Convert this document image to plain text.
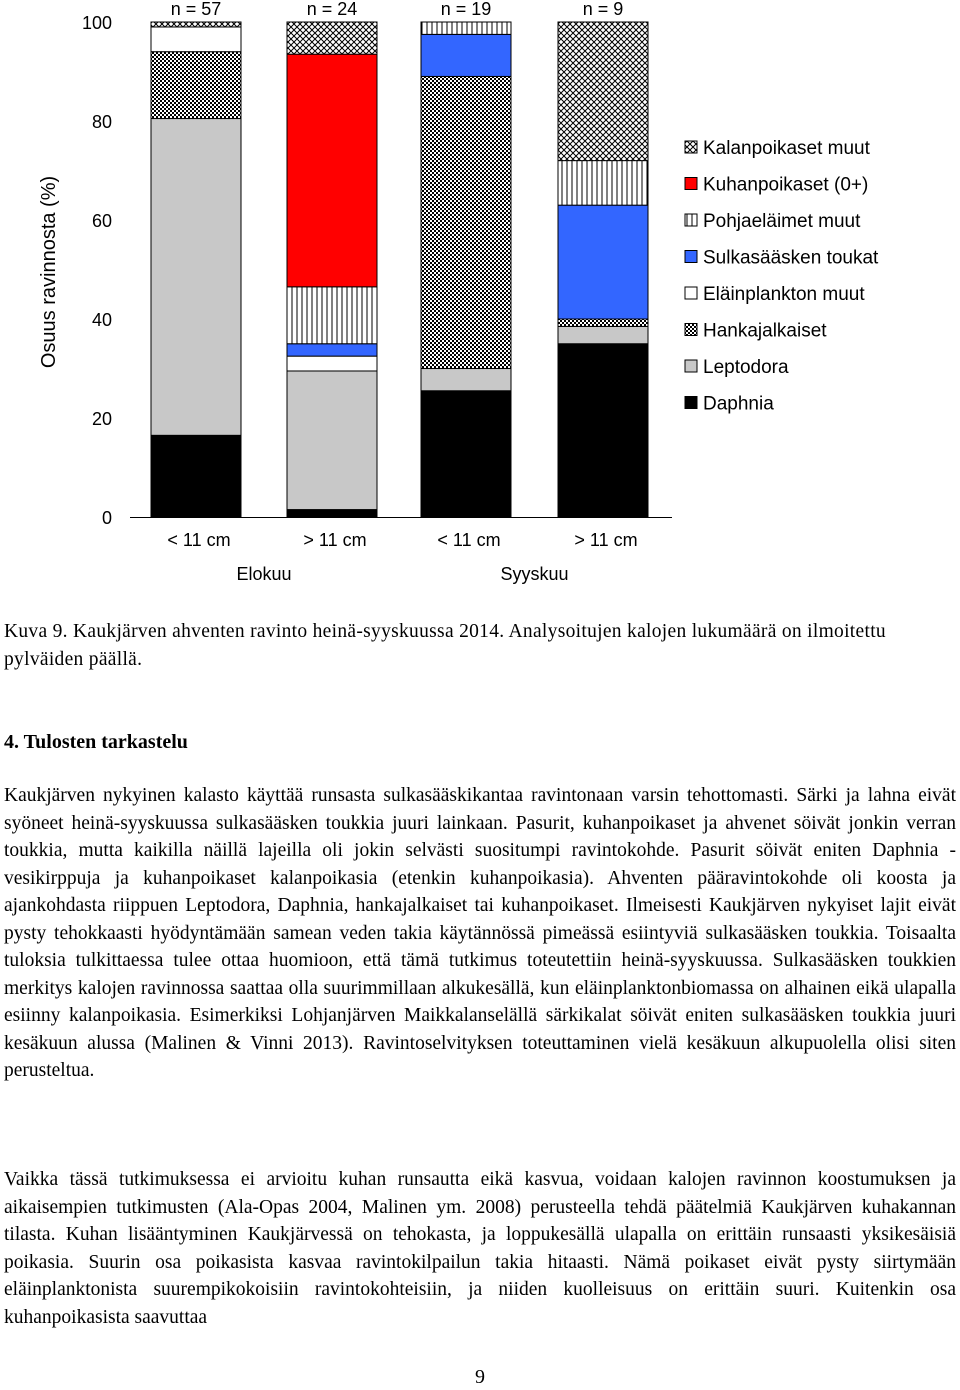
Osuus ravinnosta (%)
0
20
40
60
80
100
n = 57	n = 24	n = 19	n = 9
< 11 cm	> 11 cm	< 11 cm	> 11 cm
Elokuu	Syyskuu
Kalanpoikaset muut
Kuhanpoikaset (0+)
Pohjaeläimet muut
Sulkasääsken toukat
Eläinplankton muut
Hankajalkaiset
Leptodora
Daphnia
Kuva 9. Kaukjärven ahventen ravinto heinä-syyskuussa 2014. Analysoitujen kalojen lukumäärä on ilmoitettu pylväiden päällä.
4. Tulosten tarkastelu

Kaukjärven nykyinen kalasto käyttää runsasta sulkasääskikantaa ravintonaan varsin tehottomasti. Särki ja lahna eivät syöneet heinä-syyskuussa sulkasääsken toukkia juuri lainkaan. Pasurit, kuhanpoikaset ja ahvenet söivät jonkin verran toukkia, mutta kaikilla näillä lajeilla oli jokin selvästi suositumpi ravintokohde. Pasurit söivät eniten Daphnia -vesikirppuja ja kuhanpoikaset kalanpoikasia (etenkin kuhanpoikasia). Ahventen pääravintokohde oli koosta ja ajankohdasta riippuen Leptodora, Daphnia, hankajalkaiset tai kuhanpoikaset. Ilmeisesti Kaukjärven nykyiset lajit eivät pysty tehokkaasti hyödyntämään samean veden takia käytännössä pimeässä esiintyviä sulkasääsken toukkia. Toisaalta tuloksia tulkittaessa tulee ottaa huomioon, että tämä tutkimus toteutettiin heinä-syyskuussa. Sulkasääsken toukkien merkitys kalojen ravinnossa saattaa olla suurimmillaan alkukesällä, kun eläinplanktonbiomassa on alhainen eikä ulapalla esiinny kalanpoikasia. Esimerkiksi Lohjanjärven Maikkalanselällä särkikalat söivät eniten sulkasääsken toukkia juuri kesäkuun alussa (Malinen & Vinni 2013). Ravintoselvityksen toteuttaminen vielä kesäkuun alkupuolella olisi siten perusteltua.

Vaikka tässä tutkimuksessa ei arvioitu kuhan runsautta eikä kasvua, voidaan kalojen ravinnon koostumuksen ja aikaisempien tutkimusten (Ala-Opas 2004, Malinen ym. 2008) perusteella tehdä päätelmiä Kaukjärven kuhakannan tilasta. Kuhan lisääntyminen Kaukjärvessä on tehokasta, ja loppukesällä ulapalla on erittäin runsaasti yksikesäisiä poikasia. Suurin osa poikasista kasvaa ravintokilpailun takia hitaasti. Nämä poikaset eivät pysty siirtymään eläinplanktonista suurempikokoisiin ravintokohteisiin, ja niiden kuolleisuus on erittäin suuri. Kuitenkin osa kuhanpoikasista saavuttaa

9
